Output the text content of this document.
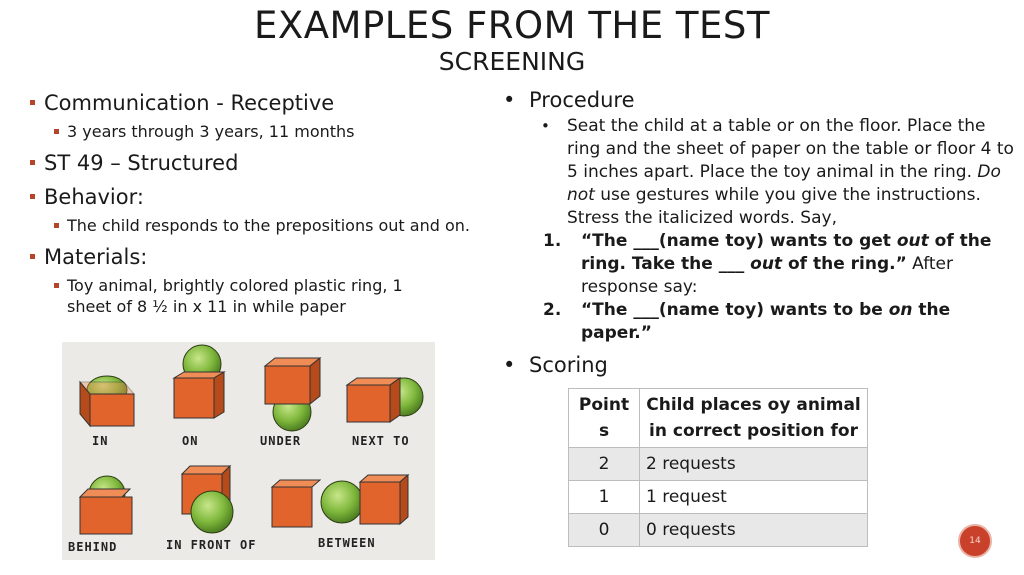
EXAMPLES FROM THE TEST
SCREENING
Communication - Receptive
3 years through 3 years, 11 months
ST 49 – Structured
Behavior:
The child responds to the prepositions out and on.
Materials:
Toy animal, brightly colored plastic ring, 1 sheet of 8 ½ in x 11 in while paper
• Procedure
• Seat the child at a table or on the floor. Place the ring and the sheet of paper on the table or floor 4 to 5 inches apart. Place the toy animal in the ring. Do not use gestures while you give the instructions. Stress the italicized words. Say,
1. “The ___(name toy) wants to get out of the ring. Take the ___ out of the ring.” After response say:
2. “The ___(name toy) wants to be on the paper.”
• Scoring
Point s	Child places oy animal in correct position for
2	2 requests
1	1 request
0	0 requests
IN	ON	UNDER	NEXT TO
BEHIND	IN FRONT OF	BETWEEN	14
